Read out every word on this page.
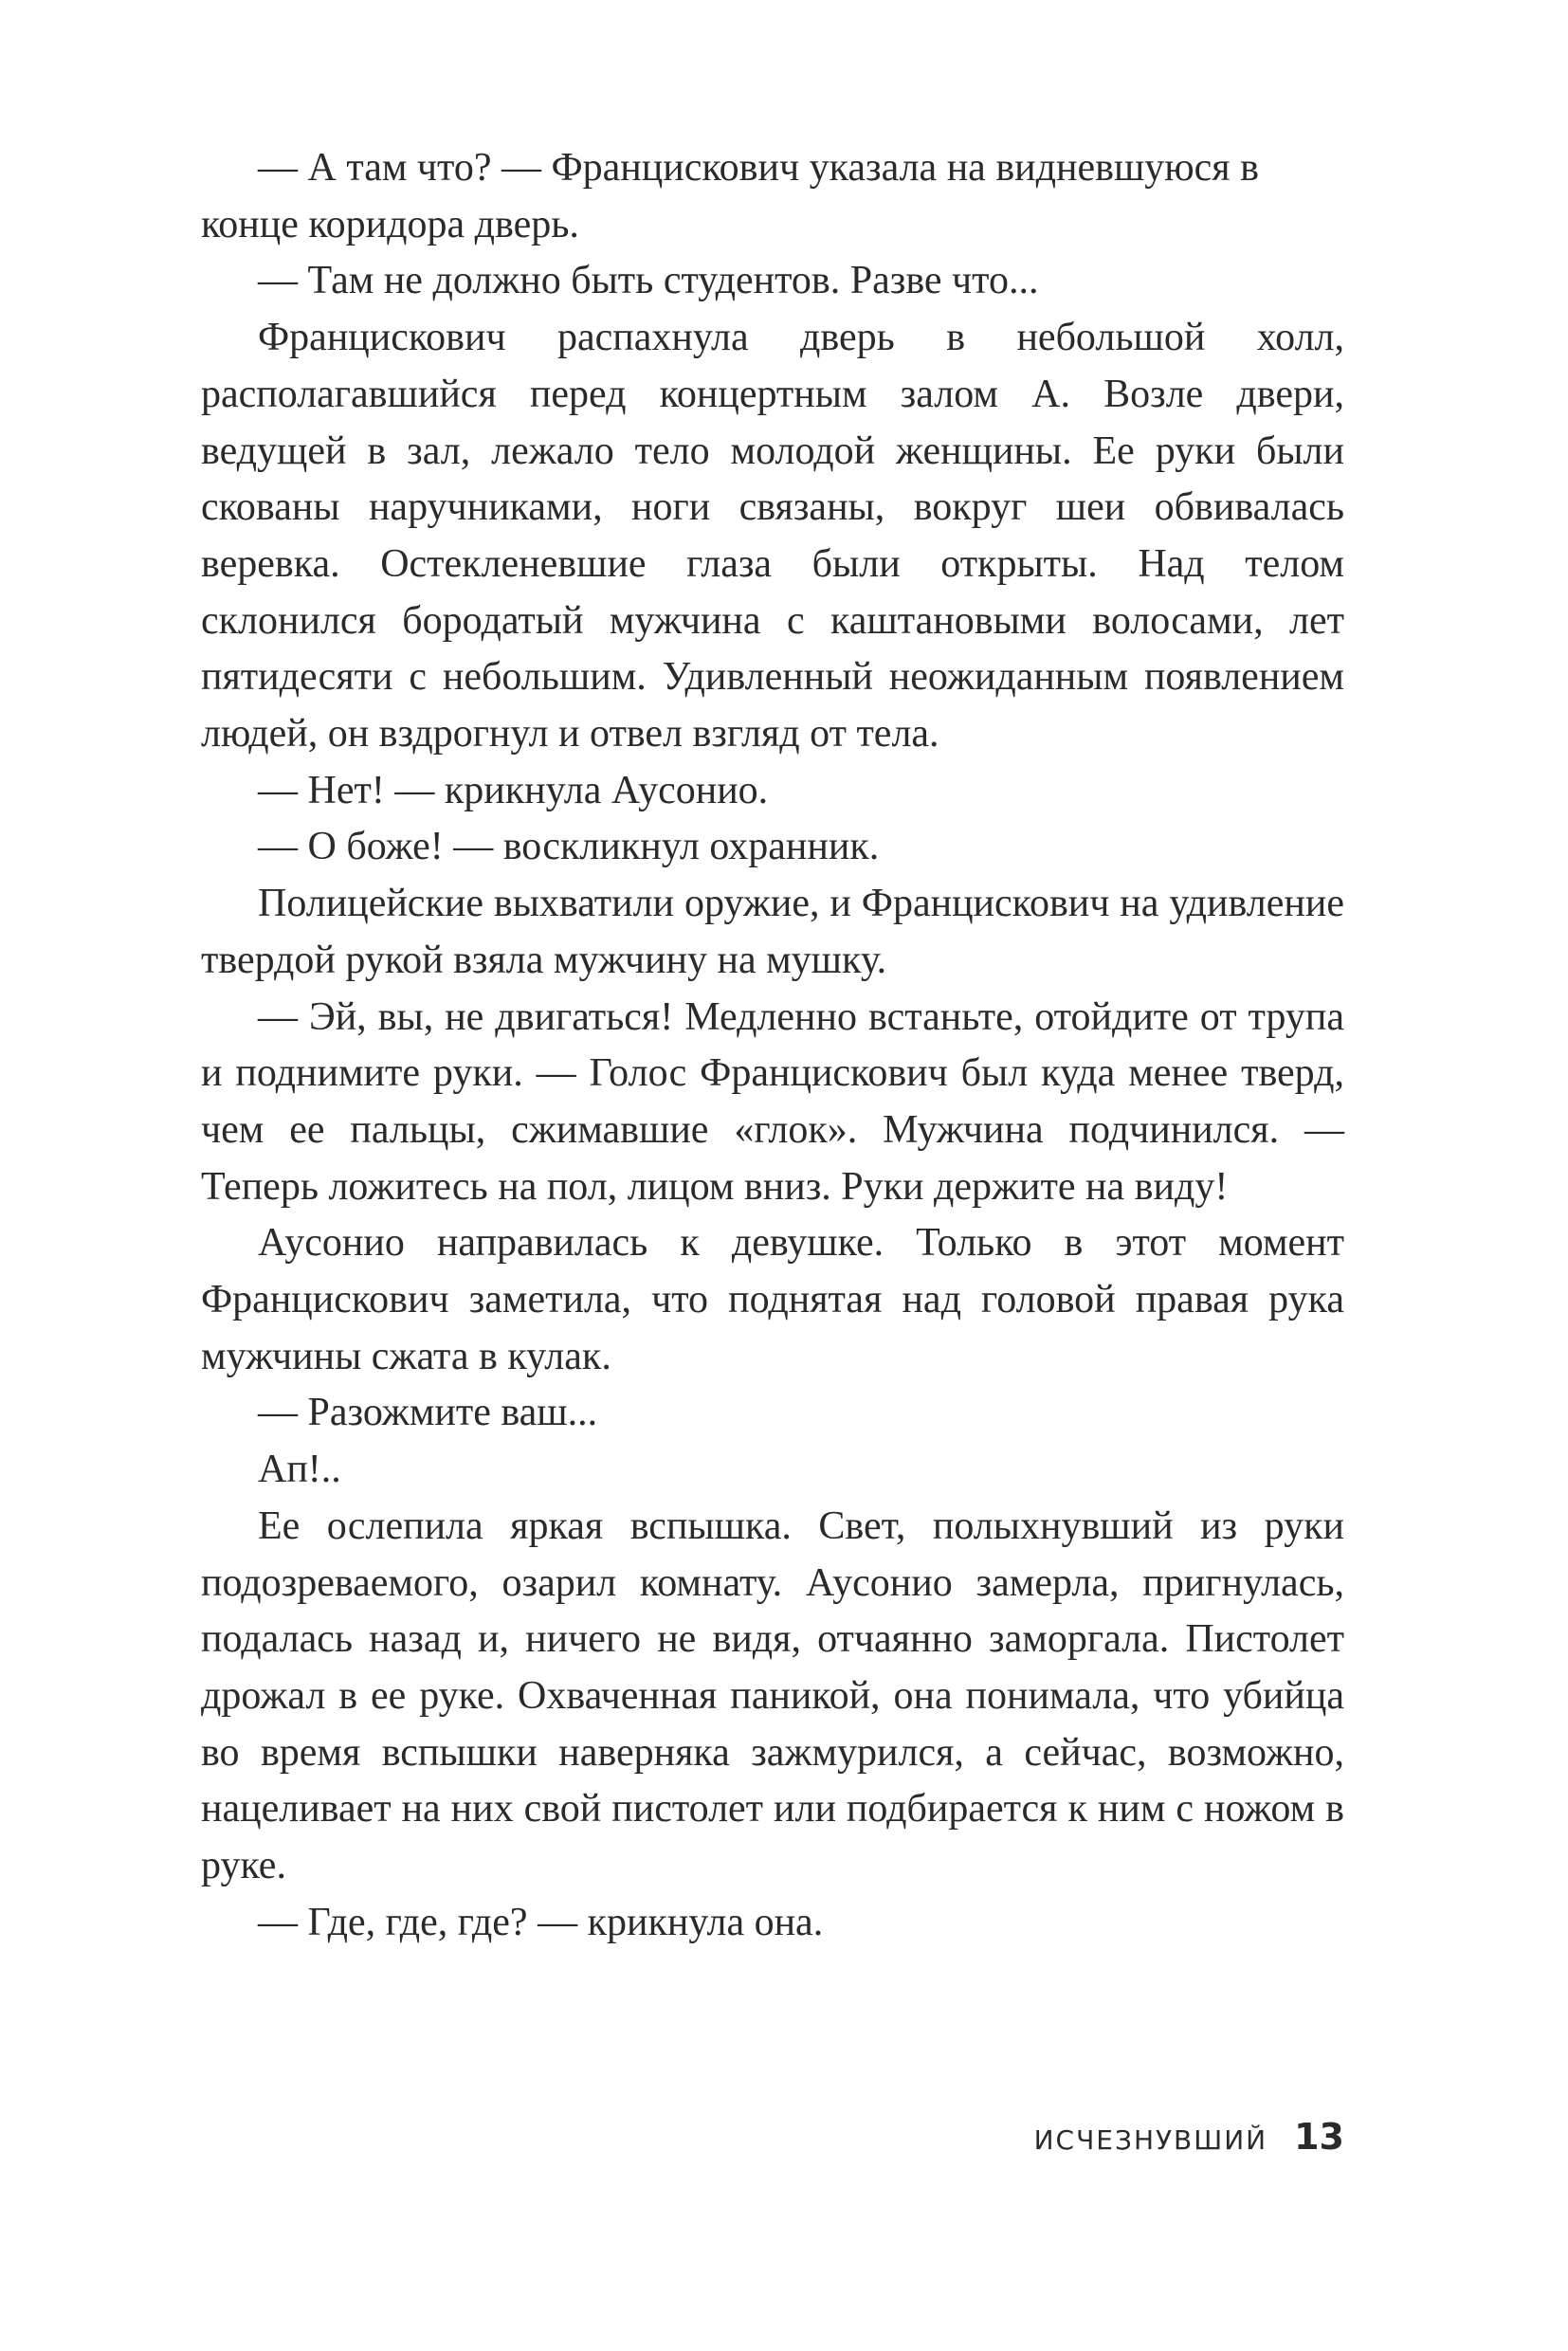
— А там что? — Францискович указала на видневшуюся в конце коридора дверь.

— Там не должно быть студентов. Разве что...

Францискович распахнула дверь в небольшой холл, располагавшийся перед концертным залом А. Возле двери, ведущей в зал, лежало тело молодой женщины. Ее руки были скованы наручниками, ноги связаны, вокруг шеи обвивалась веревка. Остекленевшие глаза были открыты. Над телом склонился бородатый мужчина с каштановыми волосами, лет пятидесяти с небольшим. Удивленный неожиданным появлением людей, он вздрогнул и отвел взгляд от тела.

— Нет! — крикнула Аусонио.

— О боже! — воскликнул охранник.

Полицейские выхватили оружие, и Францискович на удивление твердой рукой взяла мужчину на мушку.

— Эй, вы, не двигаться! Медленно встаньте, отойдите от трупа и поднимите руки. — Голос Францискович был куда менее тверд, чем ее пальцы, сжимавшие «глок». Мужчина подчинился. — Теперь ложитесь на пол, лицом вниз. Руки держите на виду!

Аусонио направилась к девушке. Только в этот момент Францискович заметила, что поднятая над головой правая рука мужчины сжата в кулак.

— Разожмите ваш...

Ап!..

Ее ослепила яркая вспышка. Свет, полыхнувший из руки подозреваемого, озарил комнату. Аусонио замерла, пригнулась, подалась назад и, ничего не видя, отчаянно заморгала. Пистолет дрожал в ее руке. Охваченная паникой, она понимала, что убийца во время вспышки наверняка зажмурился, а сейчас, возможно, нацеливает на них свой пистолет или подбирается к ним с ножом в руке.

— Где, где, где? — крикнула она.

ИСЧЕЗНУВШИЙ 13
